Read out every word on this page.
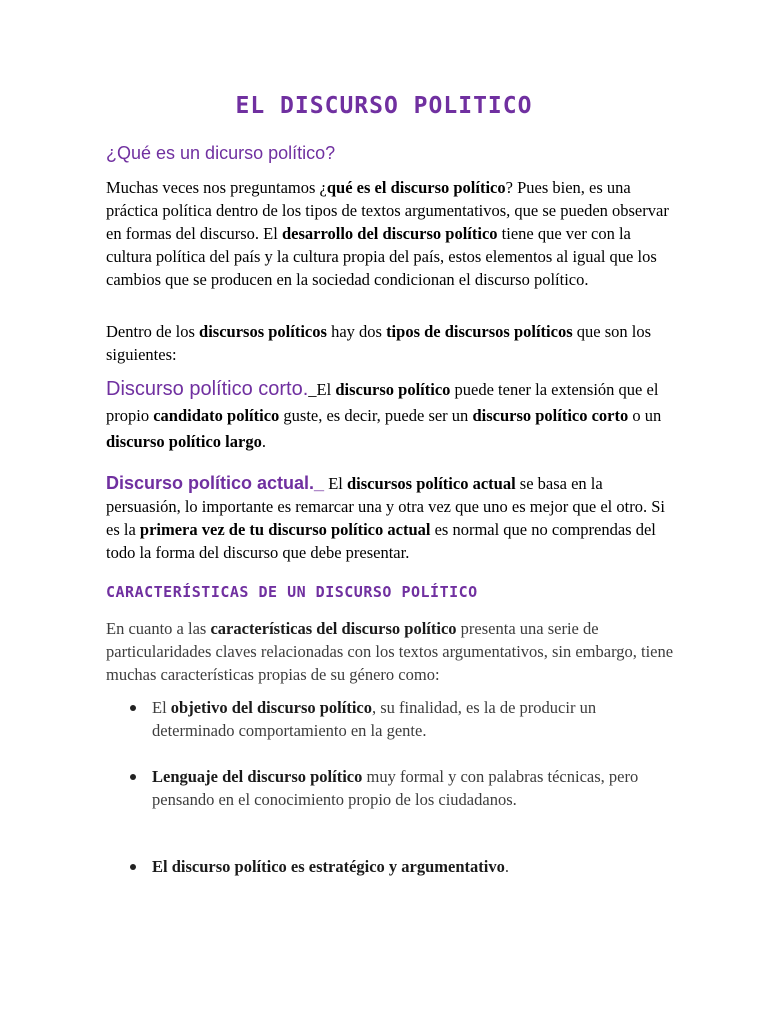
EL DISCURSO POLITICO
¿Qué es un dicurso político?
Muchas veces nos preguntamos ¿qué es el discurso político? Pues bien, es una práctica política dentro de los tipos de textos argumentativos, que se pueden observar en formas del discurso. El desarrollo del discurso político tiene que ver con la cultura política del país y la cultura propia del país, estos elementos al igual que los cambios que se producen en la sociedad condicionan el discurso político.
Dentro de los discursos políticos hay dos tipos de discursos políticos que son los siguientes:
Discurso político corto._El discurso político puede tener la extensión que el propio candidato político guste, es decir, puede ser un discurso político corto o un discurso político largo.
Discurso político actual._ El discursos político actual se basa en la persuasión, lo importante es remarcar una y otra vez que uno es mejor que el otro. Si es la primera vez de tu discurso político actual es normal que no comprendas del todo la forma del discurso que debe presentar.
CARACTERÍSTICAS DE UN DISCURSO POLÍTICO
En cuanto a las características del discurso político presenta una serie de particularidades claves relacionadas con los textos argumentativos, sin embargo, tiene muchas características propias de su género como:
El objetivo del discurso político, su finalidad, es la de producir un determinado comportamiento en la gente.
Lenguaje del discurso político muy formal y con palabras técnicas, pero pensando en el conocimiento propio de los ciudadanos.
El discurso político es estratégico y argumentativo.
